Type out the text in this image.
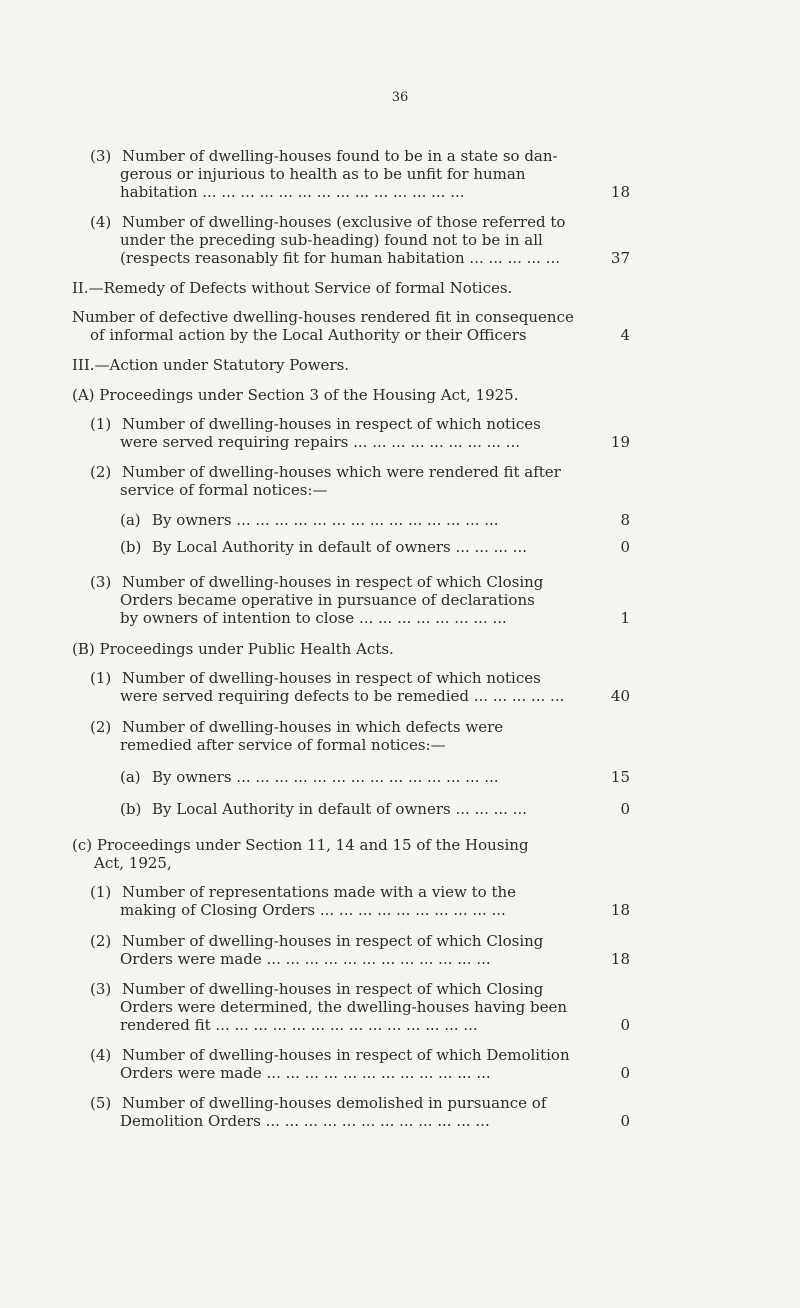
36
(3) Number of dwelling-houses found to be in a state so dan-
gerous or injurious to health as to be unfit for human
habitation ... ... ... ... ... ... ... ... ... ... ... ... ... ...	18
(4) Number of dwelling-houses (exclusive of those referred to
under the preceding sub-heading) found not to be in all
(respects reasonably fit for human habitation ... ... ... ... ...	37
II.—Remedy of Defects without Service of formal Notices.
Number of defective dwelling-houses rendered fit in consequence
of informal action by the Local Authority or their Officers	4
III.—Action under Statutory Powers.
(A) Proceedings under Section 3 of the Housing Act, 1925.
(1) Number of dwelling-houses in respect of which notices
were served requiring repairs ... ... ... ... ... ... ... ... ...	19
(2) Number of dwelling-houses which were rendered fit after
service of formal notices:—
(a) By owners ... ... ... ... ... ... ... ... ... ... ... ... ... ...	8
(b) By Local Authority in default of owners ... ... ... ...	0
(3) Number of dwelling-houses in respect of which Closing
Orders became operative in pursuance of declarations
by owners of intention to close ... ... ... ... ... ... ... ...	1
(B) Proceedings under Public Health Acts.
(1) Number of dwelling-houses in respect of which notices
were served requiring defects to be remedied ... ... ... ... ...	40
(2) Number of dwelling-houses in which defects were
remedied after service of formal notices:—
(a) By owners ... ... ... ... ... ... ... ... ... ... ... ... ... ...	15
(b) By Local Authority in default of owners ... ... ... ...	0
(c) Proceedings under Section 11, 14 and 15 of the Housing
Act, 1925,
(1) Number of representations made with a view to the
making of Closing Orders ... ... ... ... ... ... ... ... ... ...	18
(2) Number of dwelling-houses in respect of which Closing
Orders were made ... ... ... ... ... ... ... ... ... ... ... ...	18
(3) Number of dwelling-houses in respect of which Closing
Orders were determined, the dwelling-houses having been
rendered fit ... ... ... ... ... ... ... ... ... ... ... ... ... ...	0
(4) Number of dwelling-houses in respect of which Demolition
Orders were made ... ... ... ... ... ... ... ... ... ... ... ...	0
(5) Number of dwelling-houses demolished in pursuance of
Demolition Orders ... ... ... ... ... ... ... ... ... ... ... ...	0
